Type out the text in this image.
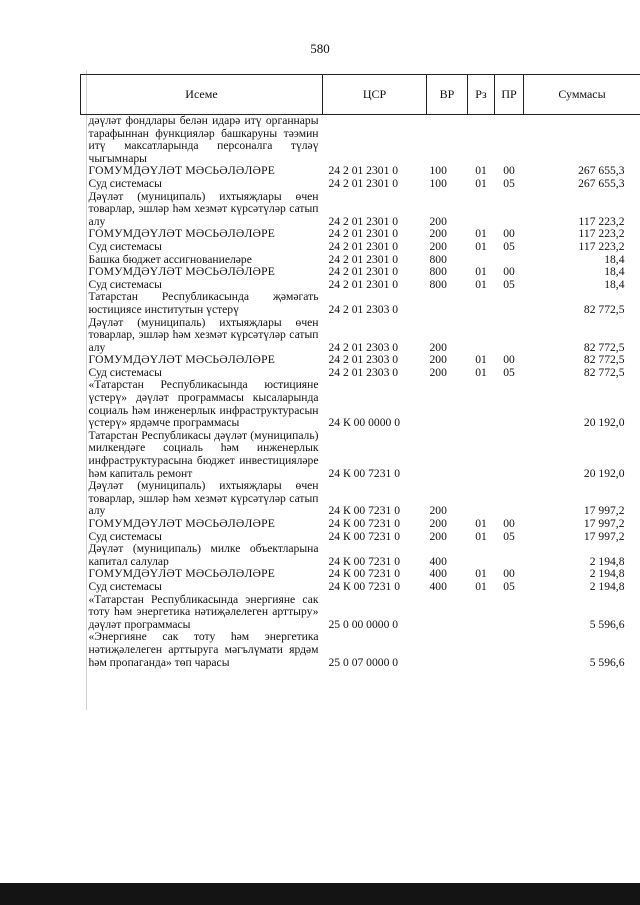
580
Исеме	ЦСР	ВР	Рз	ПР	Суммасы
дәүләт фондлары белән идарә итү органнары тарафыннан функцияләр башкаруны тәэмин итү максатларында персоналга түләү чыгымнары					
ГОМУМДӘҮЛӘТ МӘСЬӘЛӘЛӘРЕ	24 2 01 2301 0	100	01	00	267 655,3
Суд системасы	24 2 01 2301 0	100	01	05	267 655,3
Дәүләт (муниципаль) ихтыяҗлары өчен товарлар, эшләр һәм хезмәт күрсәтүләр сатып алу	24 2 01 2301 0	200			117 223,2
ГОМУМДӘҮЛӘТ МӘСЬӘЛӘЛӘРЕ	24 2 01 2301 0	200	01	00	117 223,2
Суд системасы	24 2 01 2301 0	200	01	05	117 223,2
Башка бюджет ассигнованиеләре	24 2 01 2301 0	800			18,4
ГОМУМДӘҮЛӘТ МӘСЬӘЛӘЛӘРЕ	24 2 01 2301 0	800	01	00	18,4
Суд системасы	24 2 01 2301 0	800	01	05	18,4
Татарстан Республикасында җәмәгать юстициясе институтын үстерү	24 2 01 2303 0				82 772,5
Дәүләт (муниципаль) ихтыяҗлары өчен товарлар, эшләр һәм хезмәт күрсәтүләр сатып алу	24 2 01 2303 0	200			82 772,5
ГОМУМДӘҮЛӘТ МӘСЬӘЛӘЛӘРЕ	24 2 01 2303 0	200	01	00	82 772,5
Суд системасы	24 2 01 2303 0	200	01	05	82 772,5
«Татарстан Республикасында юстицияне үстерү» дәүләт программасы кысаларында социаль һәм инженерлык инфраструктурасын үстерү» ярдәмче программасы	24 К 00 0000 0				20 192,0
Татарстан Республикасы дәүләт (муниципаль) милкендәге социаль һәм инженерлык инфраструктурасына бюджет инвестицияләре һәм капиталь ремонт	24 К 00 7231 0				20 192,0
Дәүләт (муниципаль) ихтыяҗлары өчен товарлар, эшләр һәм хезмәт күрсәтүләр сатып алу	24 К 00 7231 0	200			17 997,2
ГОМУМДӘҮЛӘТ МӘСЬӘЛӘЛӘРЕ	24 К 00 7231 0	200	01	00	17 997,2
Суд системасы	24 К 00 7231 0	200	01	05	17 997,2
Дәүләт (муниципаль) милке объектларына капитал салулар	24 К 00 7231 0	400			2 194,8
ГОМУМДӘҮЛӘТ МӘСЬӘЛӘЛӘРЕ	24 К 00 7231 0	400	01	00	2 194,8
Суд системасы	24 К 00 7231 0	400	01	05	2 194,8
«Татарстан Республикасында энергияне сак тоту һәм энергетика нәтиҗәлелеген арттыру» дәүләт программасы	25 0 00 0000 0				5 596,6
«Энергияне сак тоту һәм энергетика нәтиҗәлелеген арттыруга мәгълүмати ярдәм һәм пропаганда» төп чарасы	25 0 07 0000 0				5 596,6
